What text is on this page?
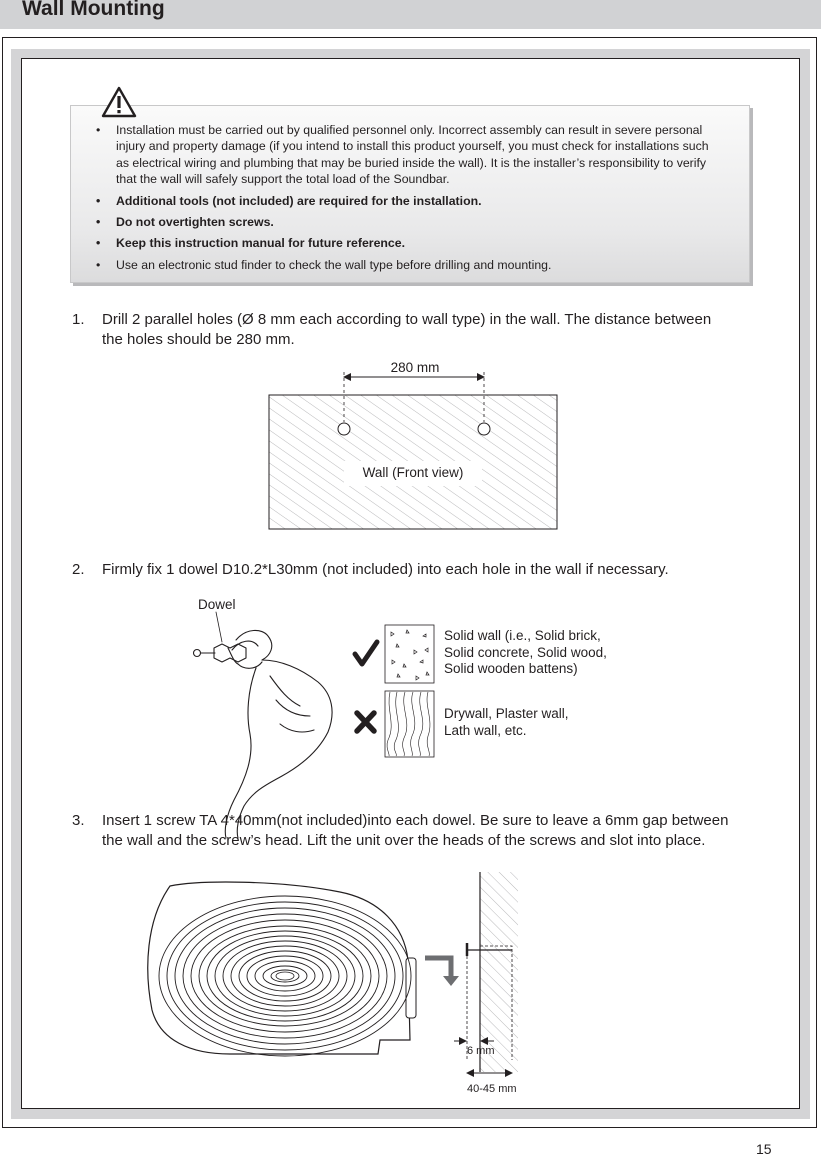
Wall Mounting
• Installation must be carried out by qualified personnel only. Incorrect assembly can result in severe personal injury and property damage (if you intend to install this product yourself, you must check for installations such as electrical wiring and plumbing that may be buried inside the wall). It is the installer’s responsibility to verify that the wall will safely support the total load of the Soundbar.
• Additional tools (not included) are required for the installation.
• Do not overtighten screws.
• Keep this instruction manual for future reference.
• Use an electronic stud finder to check the wall type before drilling and mounting.
1. Drill 2 parallel holes (Ø 8 mm each according to wall type) in the wall. The distance between the holes should be 280 mm.
280 mm
Wall (Front view)
2. Firmly fix 1 dowel D10.2*L30mm (not included) into each hole in the wall if necessary.
Dowel
Solid wall (i.e., Solid brick, Solid concrete, Solid wood, Solid wooden battens)
Drywall, Plaster wall, Lath wall, etc.
3. Insert 1 screw TA 4*40mm(not included)into each dowel. Be sure to leave a 6mm gap between the wall and the screw’s head. Lift the unit over the heads of the screws and slot into place.
6 mm
40-45 mm
15
